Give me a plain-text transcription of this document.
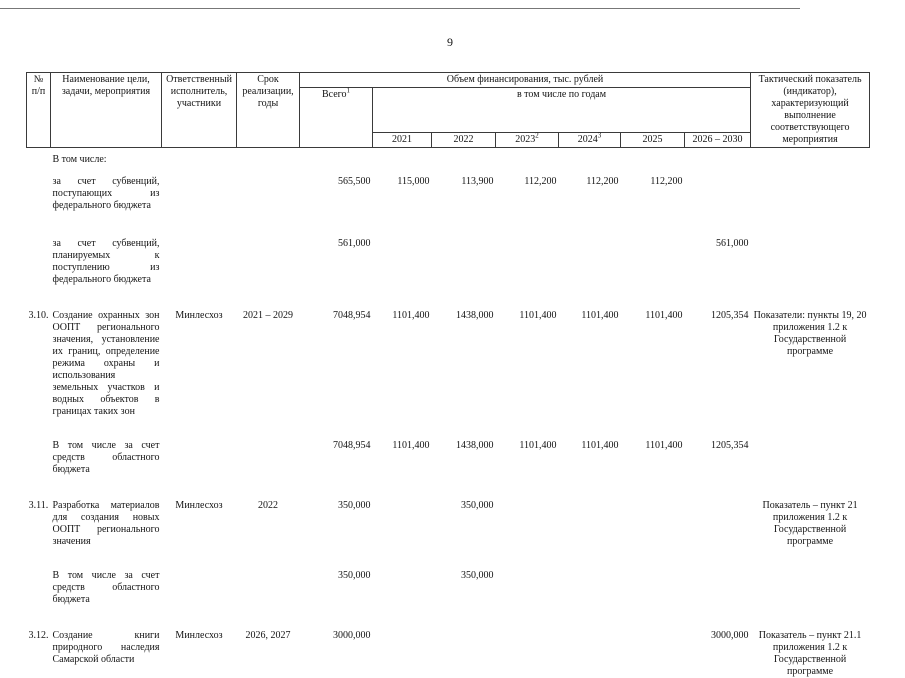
9
№ п/п	Наименование цели, задачи, мероприятия	Ответственный исполнитель, участники	Срок реализации, годы	Объем финансирования, тыс. рублей							Тактический показатель (индикатор), характеризующий выполнение соответствующего мероприятия
				Всего$^1$	в том числе по годам						
					2021	2022	2023$^2$	2024$^3$	2025	2026 – 2030	
	В том числе:										
	за счет субвенций, поступающих из федерального бюджета			565,500	115,000	113,900	112,200	112,200	112,200		
	за счет субвенций, планируемых к поступлению из федерального бюджета			561,000						561,000	
3.10.	Создание охранных зон ООПТ регионального значения, установление их границ, определение режима охраны и использования земельных участков и водных объектов в границах таких зон	Минлесхоз	2021 – 2029	7048,954	1101,400	1438,000	1101,400	1101,400	1101,400	1205,354	Показатели: пункты 19, 20 приложения 1.2 к Государственной программе
	В том числе за счет средств областного бюджета			7048,954	1101,400	1438,000	1101,400	1101,400	1101,400	1205,354	
3.11.	Разработка материалов для создания новых ООПТ регионального значения	Минлесхоз	2022	350,000		350,000					Показатель – пункт 21 приложения 1.2 к Государственной программе
	В том числе за счет средств областного бюджета			350,000		350,000					
3.12.	Создание книги природного наследия Самарской области	Минлесхоз	2026, 2027	3000,000						3000,000	Показатель – пункт 21.1 приложения 1.2 к Государственной программе
